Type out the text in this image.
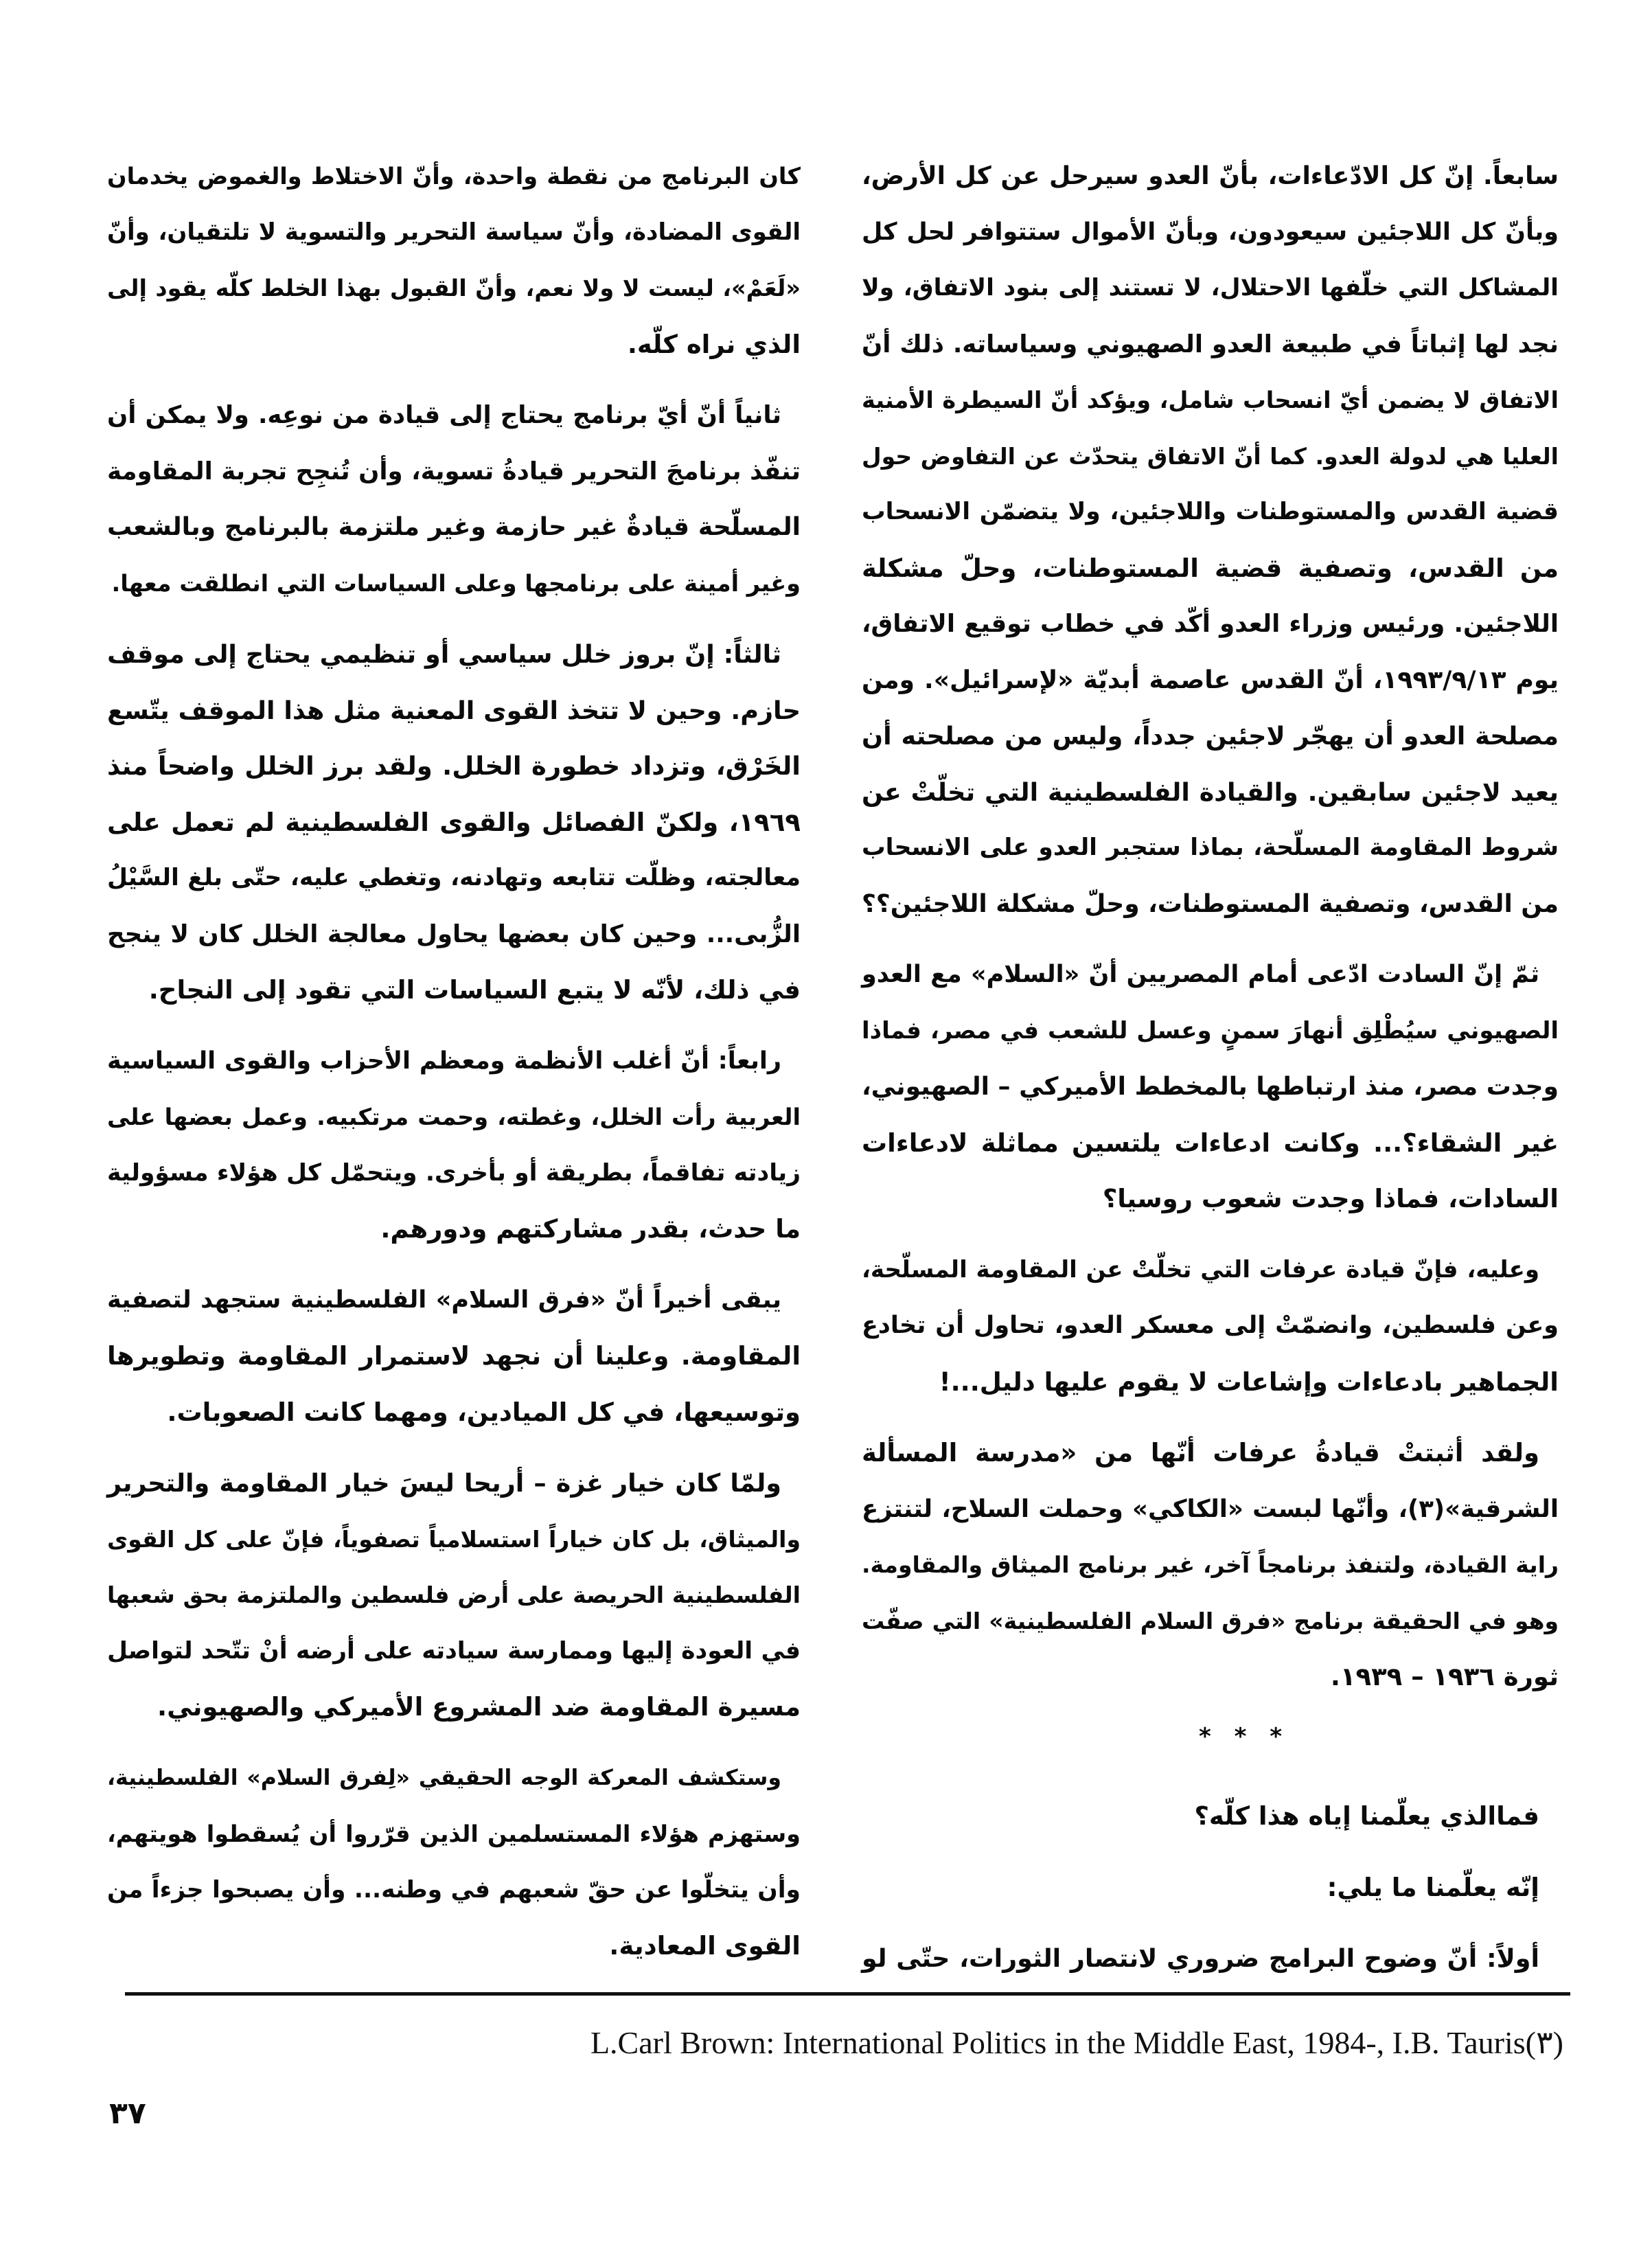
سابعاً. إنّ كل الادّعاءات، بأنّ العدو سيرحل عن كل الأرض،
وبأنّ كل اللاجئين سيعودون، وبأنّ الأموال ستتوافر لحل كل
المشاكل التي خلّفها الاحتلال، لا تستند إلى بنود الاتفاق، ولا
نجد لها إثباتاً في طبيعة العدو الصهيوني وسياساته. ذلك أنّ
الاتفاق لا يضمن أيّ انسحاب شامل، ويؤكد أنّ السيطرة الأمنية
العليا هي لدولة العدو. كما أنّ الاتفاق يتحدّث عن التفاوض حول
قضية القدس والمستوطنات واللاجئين، ولا يتضمّن الانسحاب
من القدس، وتصفية قضية المستوطنات، وحلّ مشكلة
اللاجئين. ورئيس وزراء العدو أكّد في خطاب توقيع الاتفاق،
يوم ١٣‏/‏٩‏/‏١٩٩٣، أنّ القدس عاصمة أبديّة «لإسرائيل». ومن
مصلحة العدو أن يهجّر لاجئين جدداً، وليس من مصلحته أن
يعيد لاجئين سابقين. والقيادة الفلسطينية التي تخلّتْ عن
شروط المقاومة المسلّحة، بماذا ستجبر العدو على الانسحاب
من القدس، وتصفية المستوطنات، وحلّ مشكلة اللاجئين؟؟
ثمّ إنّ السادت ادّعى أمام المصريين أنّ «السلام» مع العدو
الصهيوني سيُطْلِق أنهارَ سمنٍ وعسل للشعب في مصر، فماذا
وجدت مصر، منذ ارتباطها بالمخطط الأميركي – الصهيوني،
غير الشقاء؟... وكانت ادعاءات يلتسين مماثلة لادعاءات
السادات، فماذا وجدت شعوب روسيا؟
وعليه، فإنّ قيادة عرفات التي تخلّتْ عن المقاومة المسلّحة،
وعن فلسطين، وانضمّتْ إلى معسكر العدو، تحاول أن تخادع
الجماهير بادعاءات وإشاعات لا يقوم عليها دليل...!
ولقد أثبتتْ قيادةُ عرفات أنّها من «مدرسة المسألة
الشرقية»(٣)، وأنّها لبست «الكاكي» وحملت السلاح، لتنتزع
راية القيادة، ولتنفذ برنامجاً آخر، غير برنامج الميثاق والمقاومة.
وهو في الحقيقة برنامج «فرق السلام الفلسطينية» التي صفّت
ثورة ١٩٣٦ – ١٩٣٩.
* * *
فماالذي يعلّمنا إياه هذا كلّه؟
إنّه يعلّمنا ما يلي:
أولاً: أنّ وضوح البرامج ضروري لانتصار الثورات، حتّى لو
كان البرنامج من نقطة واحدة، وأنّ الاختلاط والغموض يخدمان
القوى المضادة، وأنّ سياسة التحرير والتسوية لا تلتقيان، وأنّ
«لَعَمْ»، ليست لا ولا نعم، وأنّ القبول بهذا الخلط كلّه يقود إلى
الذي نراه كلّه.
ثانياً أنّ أيّ برنامج يحتاج إلى قيادة من نوعِه. ولا يمكن أن
تنفّذ برنامجَ التحرير قيادةُ تسوية، وأن تُنجِح تجربة المقاومة
المسلّحة قيادةٌ غير حازمة وغير ملتزمة بالبرنامج وبالشعب
وغير أمينة على برنامجها وعلى السياسات التي انطلقت معها.
ثالثاً: إنّ بروز خلل سياسي أو تنظيمي يحتاج إلى موقف
حازم. وحين لا تتخذ القوى المعنية مثل هذا الموقف يتّسع
الخَرْق، وتزداد خطورة الخلل. ولقد برز الخلل واضحاً منذ
١٩٦٩، ولكنّ الفصائل والقوى الفلسطينية لم تعمل على
معالجته، وظلّت تتابعه وتهادنه، وتغطي عليه، حتّى بلغ السَّيْلُ
الزُّبى... وحين كان بعضها يحاول معالجة الخلل كان لا ينجح
في ذلك، لأنّه لا يتبع السياسات التي تقود إلى النجاح.
رابعاً: أنّ أغلب الأنظمة ومعظم الأحزاب والقوى السياسية
العربية رأت الخلل، وغطته، وحمت مرتكبيه. وعمل بعضها على
زيادته تفاقماً، بطريقة أو بأخرى. ويتحمّل كل هؤلاء مسؤولية
ما حدث، بقدر مشاركتهم ودورهم.
يبقى أخيراً أنّ «فرق السلام» الفلسطينية ستجهد لتصفية
المقاومة. وعلينا أن نجهد لاستمرار المقاومة وتطويرها
وتوسيعها، في كل الميادين، ومهما كانت الصعوبات.
ولمّا كان خيار غزة – أريحا ليسَ خيار المقاومة والتحرير
والميثاق، بل كان خياراً استسلامياً تصفوياً، فإنّ على كل القوى
الفلسطينية الحريصة على أرض فلسطين والملتزمة بحق شعبها
في العودة إليها وممارسة سيادته على أرضه أنْ تتّحد لتواصل
مسيرة المقاومة ضد المشروع الأميركي والصهيوني.
وستكشف المعركة الوجه الحقيقي «لِفرق السلام» الفلسطينية،
وستهزم هؤلاء المستسلمين الذين قرّروا أن يُسقطوا هويتهم،
وأن يتخلّوا عن حقّ شعبهم في وطنه... وأن يصبحوا جزءاً من
القوى المعادية.
(٣)L.Carl Brown: International Politics in the Middle East, 1984-, I.B. Tauris
٣٧
